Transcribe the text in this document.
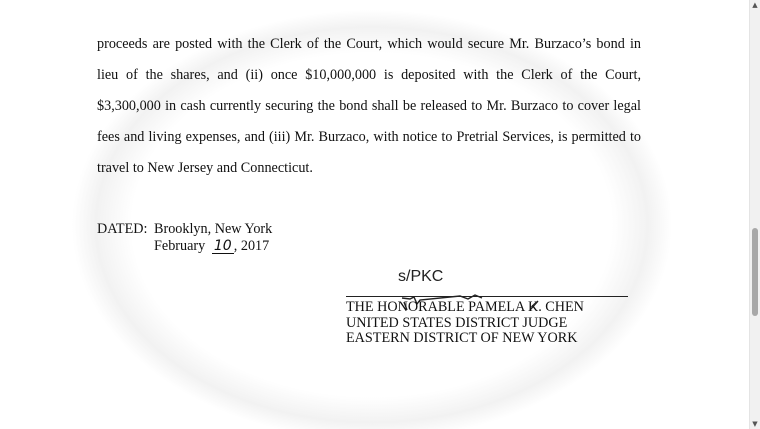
proceeds are posted with the Clerk of the Court, which would secure Mr. Burzaco’s bond in lieu of the shares, and (ii) once $10,000,000 is deposited with the Clerk of the Court, $3,300,000 in cash currently securing the bond shall be released to Mr. Burzaco to cover legal fees and living expenses, and (iii) Mr. Burzaco, with notice to Pretrial Services, is permitted to travel to New Jersey and Connecticut.

DATED: Brooklyn, New York
February 10 , 2017
s/PKC
THE HONORABLE PAMELA K. CHEN
UNITED STATES DISTRICT JUDGE
EASTERN DISTRICT OF NEW YORK
▲
▼
